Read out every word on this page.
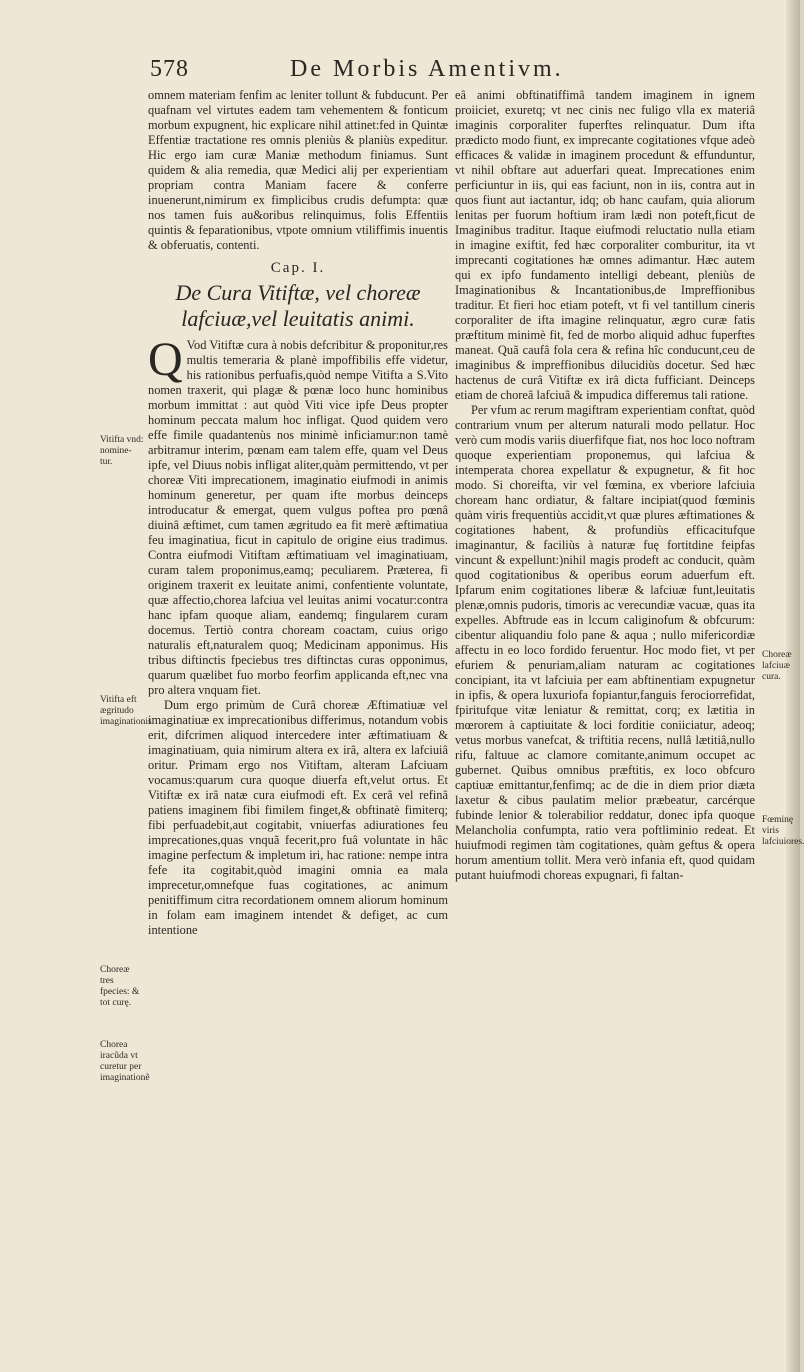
578	De Morbis Amentivm.
Vitifta vnd: nomine-tur.
Vitifta eft ægritudo imaginationis.
Choreæ tres fpecies: & tot curę.
Chorea iracũda vt curetur per imaginationẽ
Choreæ lafciuæ cura.
Fœminę viris lafciuiores.

omnem materiam fenfim ac leniter tollunt & fubducunt. Per quafnam vel virtutes eadem tam vehementem & fonticum morbum expugnent, hic explicare nihil attinet:fed in Quintæ Effentiæ tractatione res omnis pleniùs & planiùs expeditur. Hic ergo iam curæ Maniæ methodum finiamus. Sunt quidem & alia remedia, quæ Medici alij per experientiam propriam contra Maniam facere & conferre inuenerunt,nimirum ex fimplicibus crudis defumpta: quæ nos tamen fuis au&oribus relinquimus, folis Effentiis quintis & feparationibus, vtpote omnium vtiliffimis inuentis & obferuatis, contenti.

Cap. I.
De Cura Vitiftæ, vel choreæ lafciuæ,vel leuitatis animi.

Q Vod Vitiftæ cura à nobis defcribitur & proponitur,res multis temeraria & planè impoffibilis effe videtur, his rationibus perfuafis,quòd nempe Vitifta a S.Vito nomen traxerit, qui plagæ & pœnæ loco hunc hominibus morbum immittat : aut quòd Viti vice ipfe Deus propter hominum peccata malum hoc infligat. Quod quidem vero effe fimile quadantenùs nos minimè inficiamur:non tamè arbitramur interim, pœnam eam talem effe, quam vel Deus ipfe, vel Diuus nobis infligat aliter,quàm permittendo, vt per choreæ Viti imprecationem, imaginatio eiufmodi in animis hominum generetur, per quam ifte morbus deinceps introducatur & emergat, quem vulgus poftea pro pœnâ diuinâ æftimet, cum tamen ægritudo ea fit merè æftimatiua feu imaginatiua, ficut in capitulo de origine eius tradimus. Contra eiufmodi Vitiftam æftimatiuam vel imaginatiuam, curam talem proponimus,eamq; peculiarem. Præterea, fi originem traxerit ex leuitate animi, confentiente voluntate, quæ affectio,chorea lafciua vel leuitas animi vocatur:contra hanc ipfam quoque aliam, eandemq; fingularem curam docemus. Tertiò contra choream coactam, cuius origo naturalis eft,naturalem quoq; Medicinam apponimus. His tribus diftinctis fpeciebus tres diftinctas curas opponimus, quarum quælibet fuo morbo feorfim applicanda eft,nec vna pro altera vnquam fiet.

Dum ergo primùm de Curâ choreæ Æftimatiuæ vel imaginatiuæ ex imprecationibus differimus, notandum vobis erit, difcrimen aliquod intercedere inter æftimatiuam & imaginatiuam, quia nimirum altera ex irâ, altera ex lafciuiâ oritur. Primam ergo nos Vitiftam, alteram Lafciuam vocamus:quarum cura quoque diuerfa eft,velut ortus. Et Vitiftæ ex irâ natæ cura eiufmodi eft. Ex cerâ vel refinâ patiens imaginem fibi fimilem finget,& obftinatè fimiterq; fibi perfuadebit,aut cogitabit, vniuerfas adiurationes feu imprecationes,quas vnquã fecerit,pro fuâ voluntate in hâc imagine perfectum & impletum iri, hac ratione: nempe intra fefe ita cogitabit,quòd imagini omnia ea mala imprecetur,omnefque fuas cogitationes, ac animum penitiffimum citra recordationem omnem aliorum hominum in folam eam imaginem intendet & defiget, ac cum intentione

eâ animi obftinatiffimâ tandem imaginem in ignem proiiciet, exuretq; vt nec cinis nec fuligo vlla ex materiâ imaginis corporaliter fuperftes relinquatur. Dum ifta prædicto modo fiunt, ex imprecante cogitationes vfque adeò efficaces & validæ in imaginem procedunt & effunduntur, vt nihil obftare aut aduerfari queat. Imprecationes enim perficiuntur in iis, qui eas faciunt, non in iis, contra aut in quos fiunt aut iactantur, idq; ob hanc caufam, quia aliorum lenitas per fuorum hoftium iram lædi non poteft,ficut de Imaginibus traditur. Itaque eiufmodi reluctatio nulla etiam in imagine exiftit, fed hæc corporaliter comburitur, ita vt imprecanti cogitationes hæ omnes adimantur. Hæc autem qui ex ipfo fundamento intelligi debeant, pleniùs de Imaginationibus & Incantationibus,de Impreffionibus traditur. Et fieri hoc etiam poteft, vt fi vel tantillum cineris corporaliter de ifta imagine relinquatur, ægro curæ fatis præftitum minimè fit, fed de morbo aliquid adhuc fuperftes maneat. Quã caufâ fola cera & refina hîc conducunt,ceu de imaginibus & impreffionibus dilucidiùs docetur. Sed hæc hactenus de curâ Vitiftæ ex irâ dicta fufficiant. Deinceps etiam de choreâ lafciuâ & impudica differemus tali ratione.

Per vfum ac rerum magiftram experientiam conftat, quòd contrarium vnum per alterum naturali modo pellatur. Hoc verò cum modis variis diuerfifque fiat, nos hoc loco noftram quoque experientiam proponemus, qui lafciua & intemperata chorea expellatur & expugnetur, & fit hoc modo. Si choreifta, vir vel fœmina, ex vberiore lafciuia choream hanc ordiatur, & faltare incipiat(quod fœminis quàm viris frequentiùs accidit,vt quæ plures æftimationes & cogitationes habent, & profundiùs efficacitufque imaginantur, & faciliùs à naturæ fuę fortitdine feipfas vincunt & expellunt:)nihil magis prodeft ac conducit, quàm quod cogitationibus & operibus eorum aduerfum eft. Ipfarum enim cogitationes liberæ & lafciuæ funt,leuitatis plenæ,omnis pudoris, timoris ac verecundiæ vacuæ, quas ita expelles. Abftrude eas in lccum caliginofum & obfcurum: cibentur aliquandiu folo pane & aqua ; nullo mifericordiæ affectu in eo loco fordido feruentur. Hoc modo fiet, vt per efuriem & penuriam,aliam naturam ac cogitationes concipiant, ita vt lafciuia per eam abftinentiam expugnetur in ipfis, & opera luxuriofa fopiantur,fanguis ferociorrefidat, fpiritufque vitæ leniatur & remittat, corq; ex lætitia in mœrorem à captiuitate & loci forditie coniiciatur, adeoq; vetus morbus vanefcat, & triftitia recens, nullâ lætitiâ,nullo rifu, faltuue ac clamore comitante,animum occupet ac gubernet. Quibus omnibus præftitis, ex loco obfcuro captiuæ emittantur,fenfimq; ac de die in diem prior diæta laxetur & cibus paulatim melior præbeatur, carcérque fubinde lenior & tolerabilior reddatur, donec ipfa quoque Melancholia confumpta, ratio vera poftliminio redeat. Et huiufmodi regimen tàm cogitationes, quàm geftus & opera horum amentium tollit. Mera verò infania eft, quod quidam putant huiufmodi choreas expugnari, fi faltan-
